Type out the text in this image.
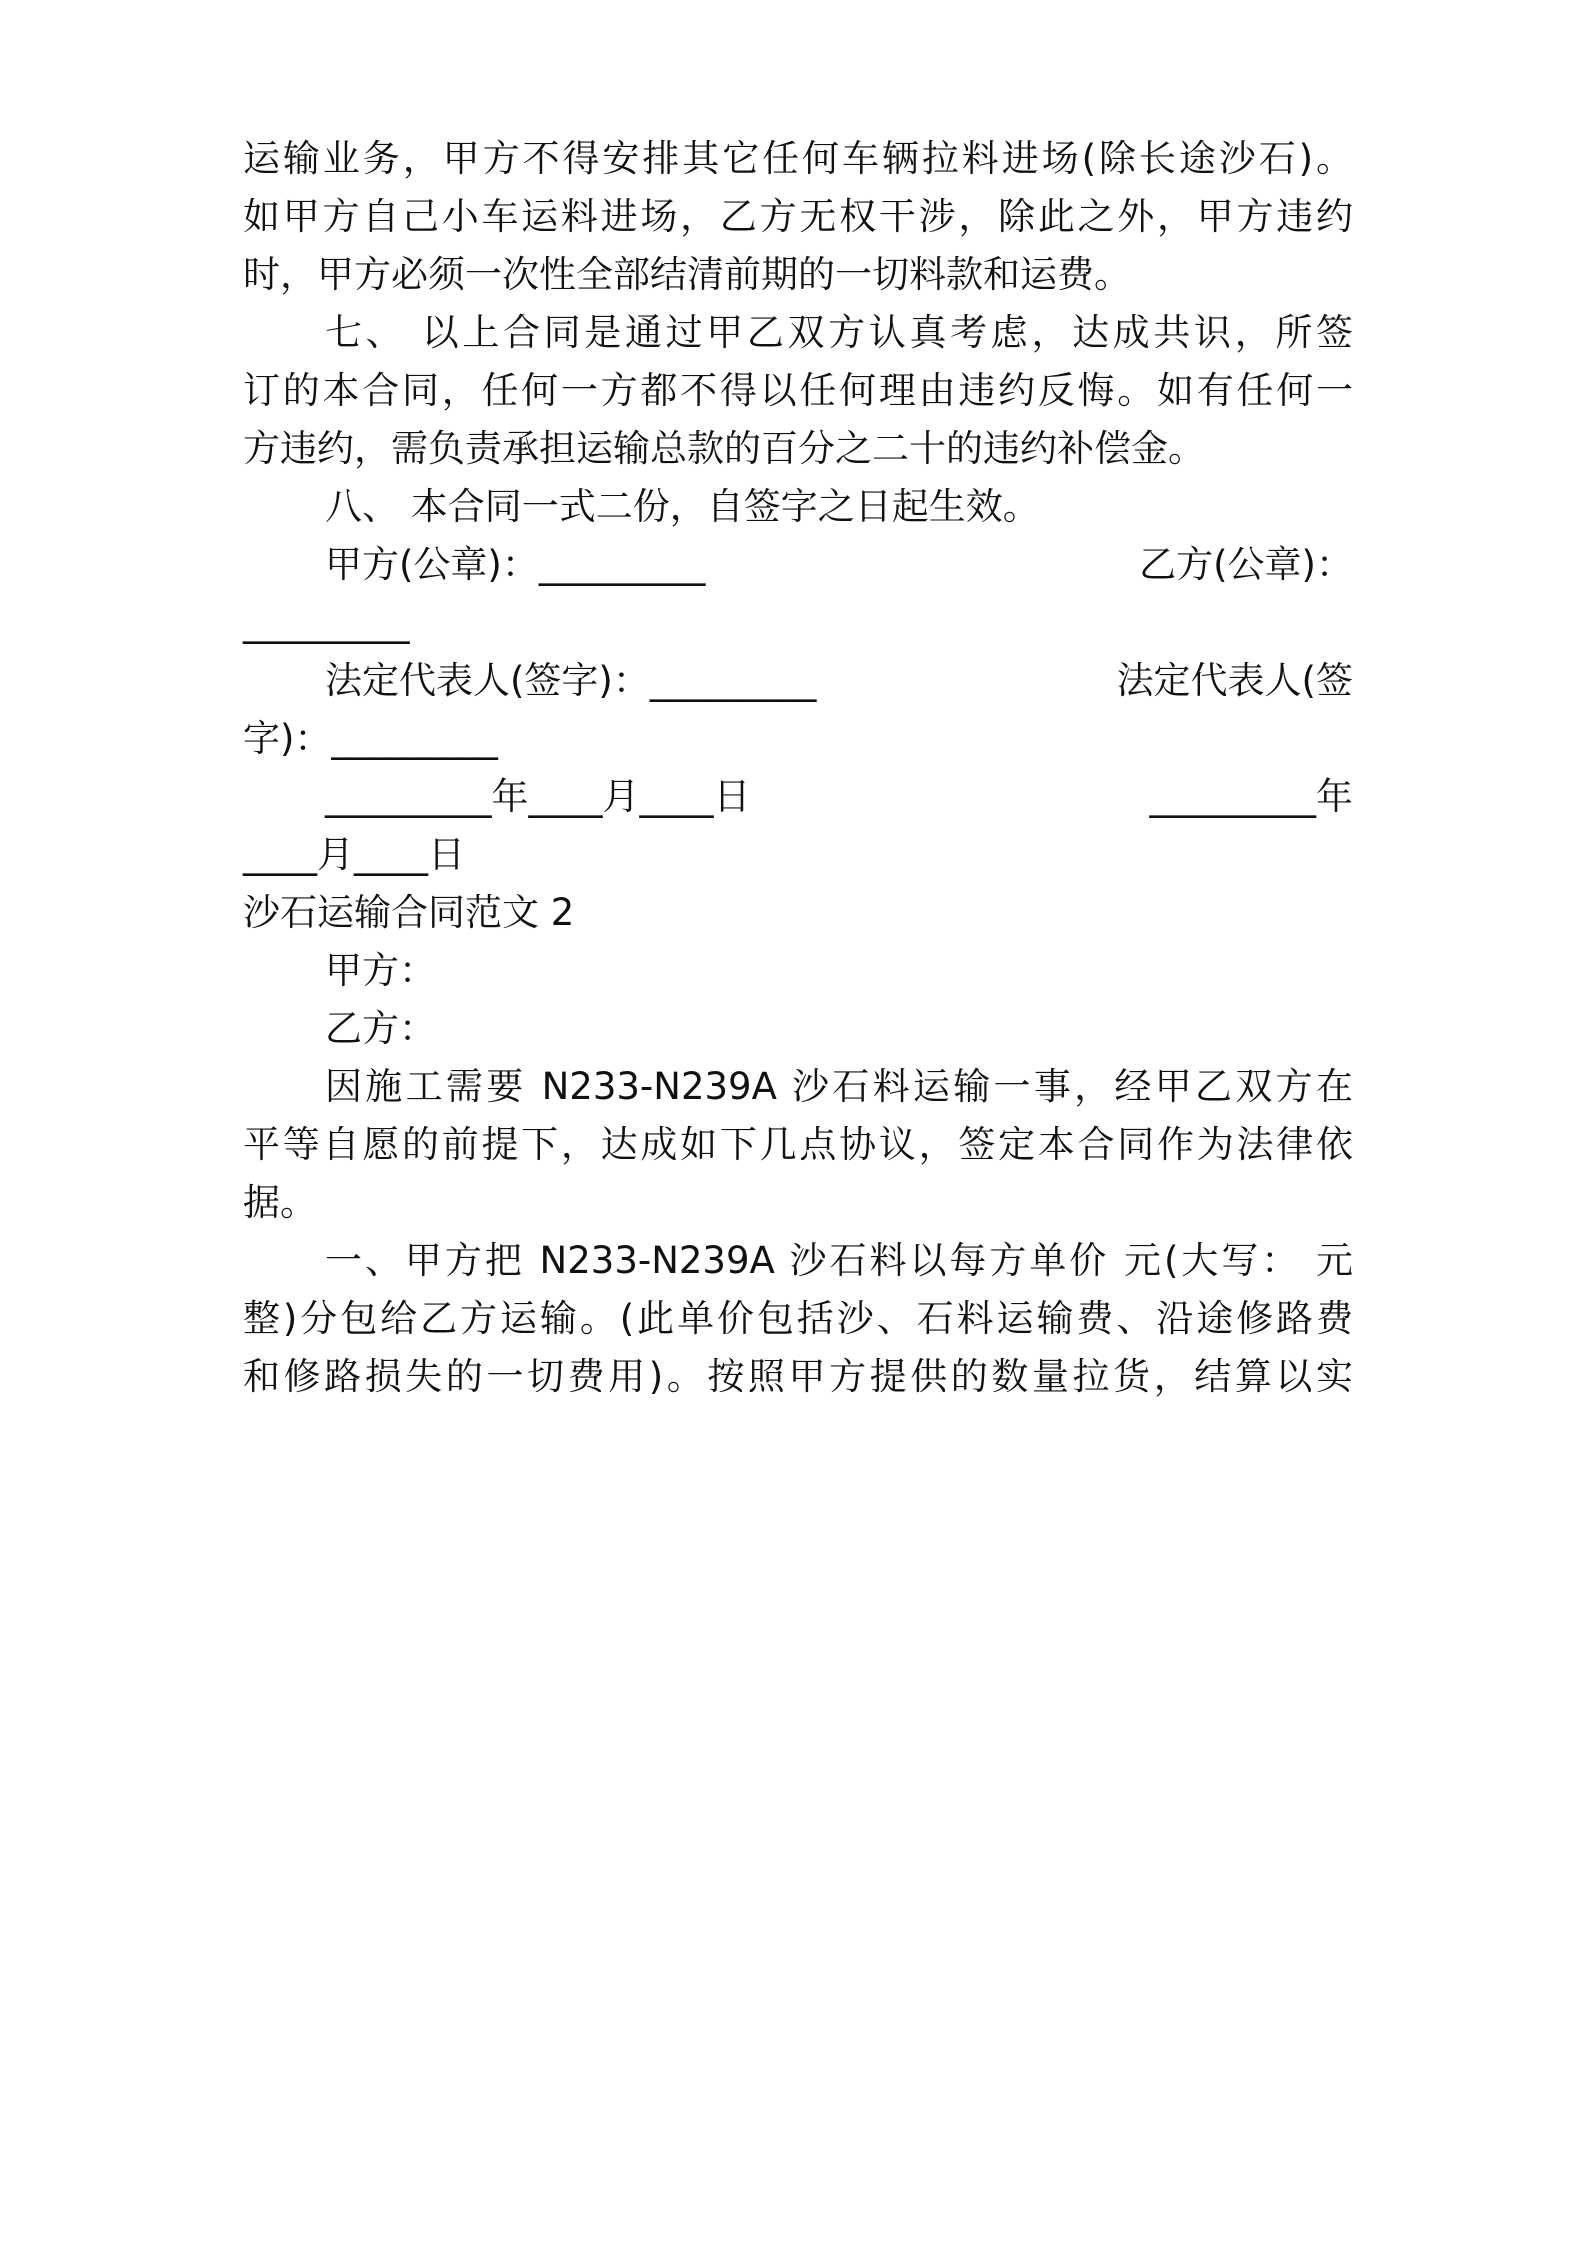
运输业务，甲方不得安排其它任何车辆拉料进场(除长途沙石)。
如甲方自己小车运料进场，乙方无权干涉，除此之外，甲方违约
时，甲方必须一次性全部结清前期的一切料款和运费。
七、 以上合同是通过甲乙双方认真考虑，达成共识，所签
订的本合同，任何一方都不得以任何理由违约反悔。如有任何一
方违约，需负责承担运输总款的百分之二十的违约补偿金。
八、 本合同一式二份，自签字之日起生效。
甲方(公章)：_________	乙方(公章)：
_________
法定代表人(签字)：_________	法定代表人(签
字)：_________
_________年____月____日	_________年
____月____日
沙石运输合同范文 2
甲方：
乙方：
因施工需要 N233-N239A 沙石料运输一事，经甲乙双方在
平等自愿的前提下，达成如下几点协议，签定本合同作为法律依
据。
一、甲方把 N233-N239A 沙石料以每方单价 元(大写： 元
整)分包给乙方运输。(此单价包括沙、石料运输费、沿途修路费
和修路损失的一切费用)。按照甲方提供的数量拉货，结算以实
